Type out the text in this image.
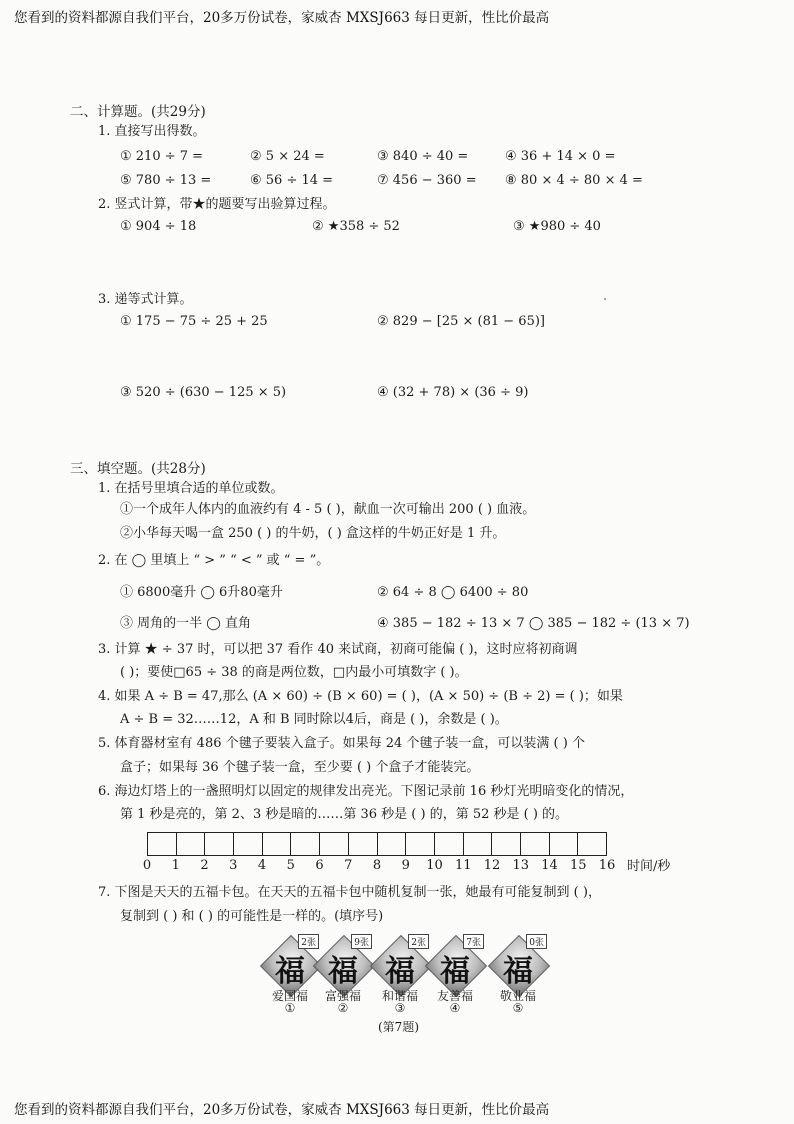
您看到的资料都源自我们平台，20多万份试卷，家威杏 MXSJ663 每日更新，性比价最高
二、计算题。(共29分)
1. 直接写出得数。
① 210 ÷ 7 =	② 5 × 24 =	③ 840 ÷ 40 =	④ 36 + 14 × 0 =
⑤ 780 ÷ 13 =	⑥ 56 ÷ 14 =	⑦ 456 − 360 = ⑧ 80 × 4 ÷ 80 × 4 =
2. 竖式计算，带★的题要写出验算过程。
① 904 ÷ 18	② ★358 ÷ 52	③ ★980 ÷ 40
3. 递等式计算。
① 175 − 75 ÷ 25 + 25	② 829 − [25 × (81 − 65)]
③ 520 ÷ (630 − 125 × 5)	④ (32 + 78) × (36 ÷ 9)
三、填空题。(共28分)
1. 在括号里填合适的单位或数。
①一个成年人体内的血液约有 4 - 5 ( )，献血一次可输出 200 ( ) 血液。
②小华每天喝一盒 250 ( ) 的牛奶，( ) 盒这样的牛奶正好是 1 升。
2. 在 ◯ 里填上 “ > ” “ < ” 或 “ = ”。
① 6800毫升 ◯ 6升80毫升	② 64 ÷ 8 ◯ 6400 ÷ 80
③ 周角的一半 ◯ 直角	④ 385 − 182 ÷ 13 × 7 ◯ 385 − 182 ÷ (13 × 7)
3. 计算 ★ ÷ 37 时，可以把 37 看作 40 来试商，初商可能偏 ( )，这时应将初商调
( )；要使□65 ÷ 38 的商是两位数，□内最小可填数字 ( )。
4. 如果 A ÷ B = 47,那么 (A × 60) ÷ (B × 60) = ( )，(A × 50) ÷ (B ÷ 2) = ( )；如果
A ÷ B = 32……12，A 和 B 同时除以4后，商是 ( )，余数是 ( )。
5. 体育器材室有 486 个毽子要装入盒子。如果每 24 个毽子装一盒，可以装满 ( ) 个
盒子；如果每 36 个毽子装一盒，至少要 ( ) 个盒子才能装完。
6. 海边灯塔上的一盏照明灯以固定的规律发出亮光。下图记录前 16 秒灯光明暗变化的情况，
第 1 秒是亮的，第 2、3 秒是暗的……第 36 秒是 ( ) 的，第 52 秒是 ( ) 的。
0 1 2 3 4 5 6 7 8 9 10 11 12 13 14 15 16 时间/秒
7. 下图是天天的五福卡包。在天天的五福卡包中随机复制一张，她最有可能复制到 ( )，
复制到 ( ) 和 ( ) 的可能性是一样的。(填序号)
福
2张
爱国福
①
福
9张
富强福
②
福
2张
和谐福
③
福
7张
友善福
④
福
0张
敬业福
⑤
(第7题)
您看到的资料都源自我们平台，20多万份试卷，家威杏 MXSJ663 每日更新，性比价最高
